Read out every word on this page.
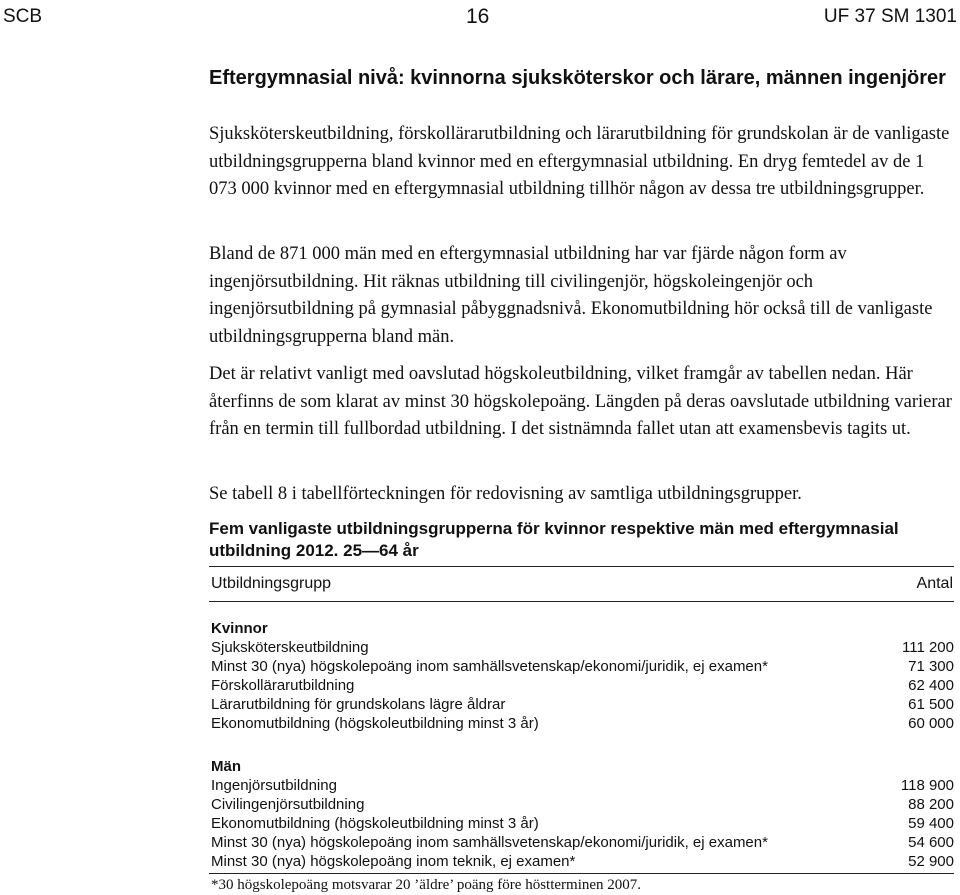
SCB	16	UF 37 SM 1301
Eftergymnasial nivå: kvinnorna sjuksköterskor och lärare, männen ingenjörer

Sjuksköterskeutbildning, förskollärarutbildning och lärarutbildning för grundskolan är de vanligaste utbildningsgrupperna bland kvinnor med en eftergymnasial utbildning. En dryg femtedel av de 1 073 000 kvinnor med en eftergymnasial utbildning tillhör någon av dessa tre utbildningsgrupper.

Bland de 871 000 män med en eftergymnasial utbildning har var fjärde någon form av ingenjörsutbildning. Hit räknas utbildning till civilingenjör, högskoleingenjör och ingenjörsutbildning på gymnasial påbyggnadsnivå. Ekonomutbildning hör också till de vanligaste utbildningsgrupperna bland män.

Det är relativt vanligt med oavslutad högskoleutbildning, vilket framgår av tabellen nedan. Här återfinns de som klarat av minst 30 högskolepoäng. Längden på deras oavslutade utbildning varierar från en termin till fullbordad utbildning. I det sistnämnda fallet utan att examensbevis tagits ut.

Se tabell 8 i tabellförteckningen för redovisning av samtliga utbildningsgrupper.

Fem vanligaste utbildningsgrupperna för kvinnor respektive män med eftergymnasial utbildning 2012. 25—64 år
Utbildningsgrupp	Antal
Kvinnor
Sjuksköterskeutbildning	111 200
Minst 30 (nya) högskolepoäng inom samhällsvetenskap/ekonomi/juridik, ej examen*	71 300
Förskollärarutbildning	62 400
Lärarutbildning för grundskolans lägre åldrar	61 500
Ekonomutbildning (högskoleutbildning minst 3 år)	60 000
Män
Ingenjörsutbildning	118 900
Civilingenjörsutbildning	88 200
Ekonomutbildning (högskoleutbildning minst 3 år)	59 400
Minst 30 (nya) högskolepoäng inom samhällsvetenskap/ekonomi/juridik, ej examen*	54 600
Minst 30 (nya) högskolepoäng inom teknik, ej examen*	52 900
*30 högskolepoäng motsvarar 20 ’äldre’ poäng före höstterminen 2007.
